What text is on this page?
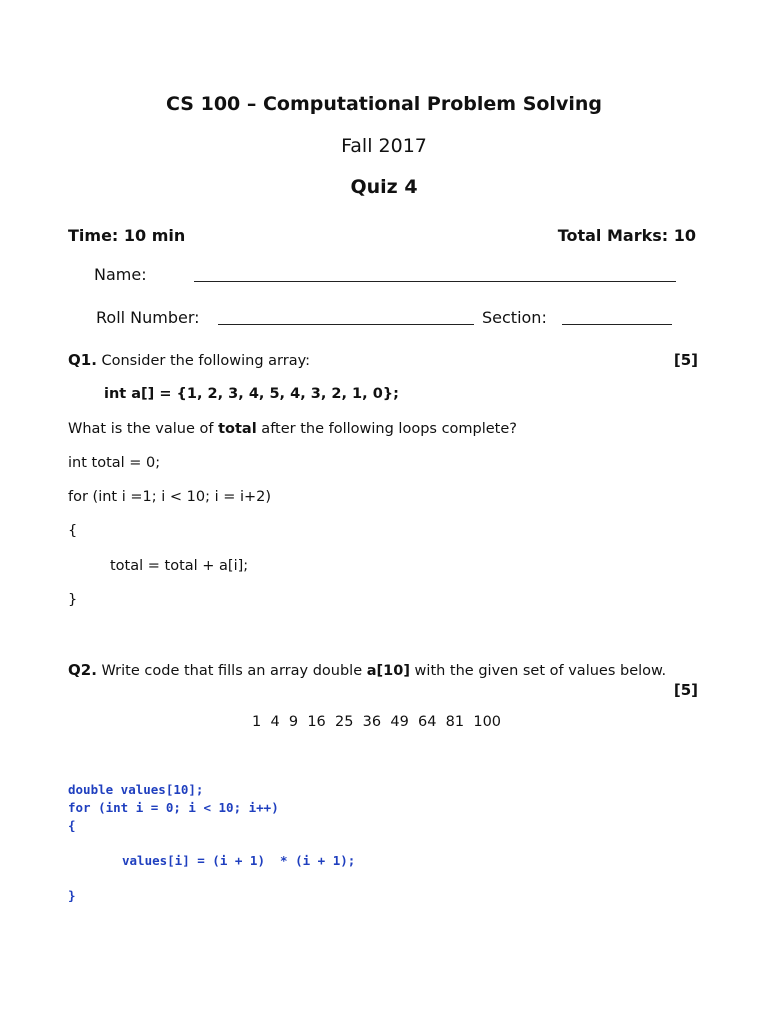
CS 100 – Computational Problem Solving
Fall 2017
Quiz 4
Time: 10 min	Total Marks: 10
Name:
Roll Number:	Section:
Q1. Consider the following array:	[5]
int a[] = {1, 2, 3, 4, 5, 4, 3, 2, 1, 0};
What is the value of total after the following loops complete?
int total = 0;
for (int i =1; i < 10; i = i+2)
{
total = total + a[i];
}
Q2. Write code that fills an array double a[10] with the given set of values below.
[5]
1  4  9  16  25  36  49  64  81  100
double values[10];
for (int i = 0; i < 10; i++)
{
values[i] = (i + 1)  * (i + 1);
}
